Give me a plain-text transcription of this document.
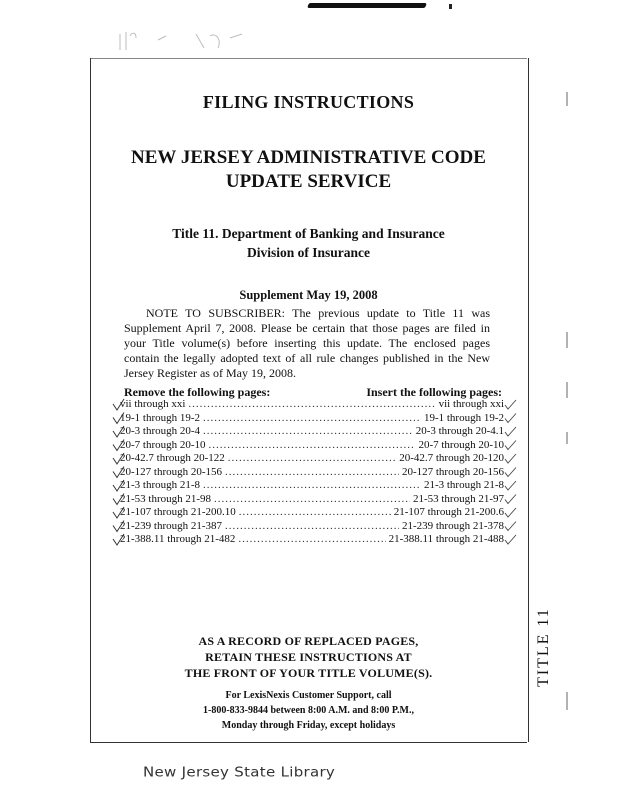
FILING INSTRUCTIONS
NEW JERSEY ADMINISTRATIVE CODE
UPDATE SERVICE
Title 11. Department of Banking and Insurance
Division of Insurance
Supplement May 19, 2008
NOTE TO SUBSCRIBER: The previous update to Title 11 was Supplement April 7, 2008. Please be certain that those pages are filed in your Title volume(s) before inserting this update. The enclosed pages contain the legally adopted text of all rule changes published in the New Jersey Register as of May 19, 2008.
Remove the following pages:	Insert the following pages:
vii through xxi .....	vii through xxi
19-1 through 19-2 .....	19-1 through 19-2
20-3 through 20-4 .....	20-3 through 20-4.1
20-7 through 20-10 .....	20-7 through 20-10
20-42.7 through 20-122 .....	20-42.7 through 20-120
20-127 through 20-156 .....	20-127 through 20-156
21-3 through 21-8 .....	21-3 through 21-8
21-53 through 21-98 .....	21-53 through 21-97
21-107 through 21-200.10 .....	21-107 through 21-200.6
21-239 through 21-387 .....	21-239 through 21-378
21-388.11 through 21-482 .....	21-388.11 through 21-488
AS A RECORD OF REPLACED PAGES,
RETAIN THESE INSTRUCTIONS AT
THE FRONT OF YOUR TITLE VOLUME(S).
For LexisNexis Customer Support, call
1-800-833-9844 between 8:00 A.M. and 8:00 P.M.,
Monday through Friday, except holidays
TITLE 11
New Jersey State Library
